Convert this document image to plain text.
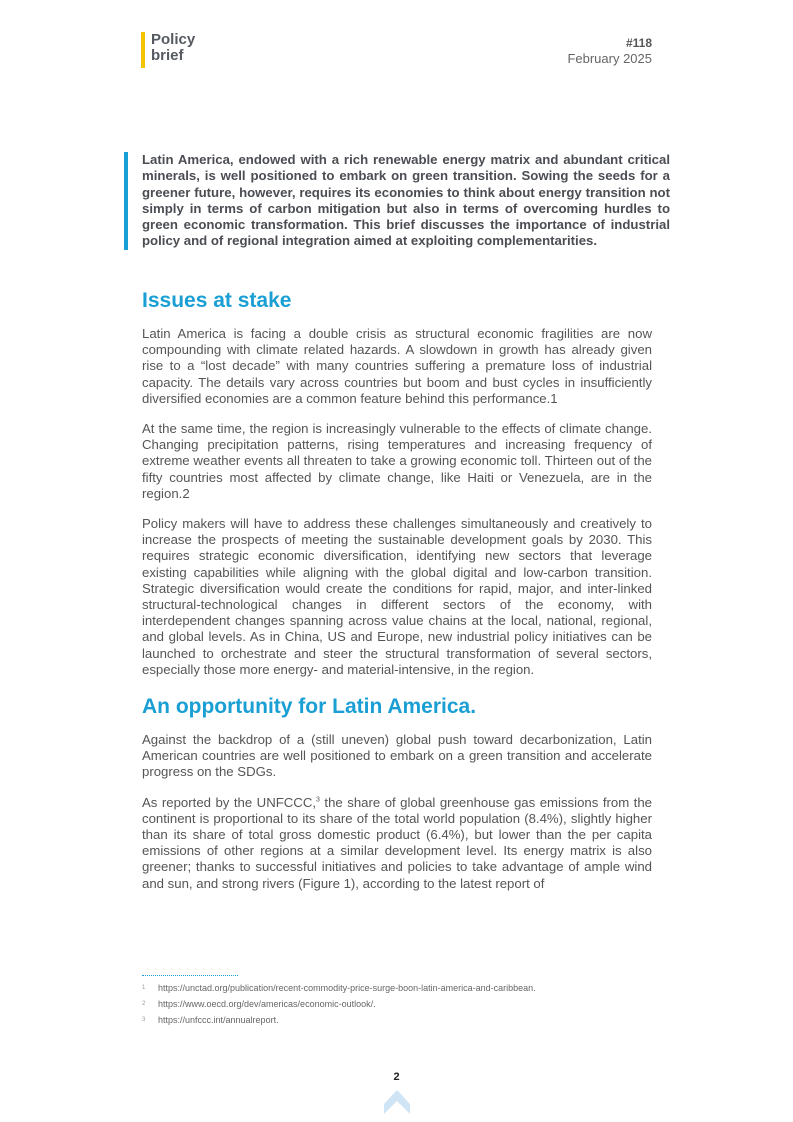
Policy
brief
#118
February 2025
Latin America, endowed with a rich renewable energy matrix and abundant critical minerals, is well positioned to embark on green transition. Sowing the seeds for a greener future, however, requires its economies to think about energy transition not simply in terms of carbon mitigation but also in terms of overcoming hurdles to green economic transformation. This brief discusses the importance of industrial policy and of regional integration aimed at exploiting complementarities.
Issues at stake

Latin America is facing a double crisis as structural economic fragilities are now compounding with climate related hazards. A slowdown in growth has already given rise to a “lost decade” with many countries suffering a premature loss of industrial capacity. The details vary across countries but boom and bust cycles in insufficiently diversified economies are a common feature behind this performance.1

At the same time, the region is increasingly vulnerable to the effects of climate change. Changing precipitation patterns, rising temperatures and increasing frequency of extreme weather events all threaten to take a growing economic toll. Thirteen out of the fifty countries most affected by climate change, like Haiti or Venezuela, are in the region.2

Policy makers will have to address these challenges simultaneously and creatively to increase the prospects of meeting the sustainable development goals by 2030. This requires strategic economic diversification, identifying new sectors that leverage existing capabilities while aligning with the global digital and low-carbon transition. Strategic diversification would create the conditions for rapid, major, and inter-linked structural-technological changes in different sectors of the economy, with interdependent changes spanning across value chains at the local, national, regional, and global levels. As in China, US and Europe, new industrial policy initiatives can be launched to orchestrate and steer the structural transformation of several sectors, especially those more energy- and material-intensive, in the region.

An opportunity for Latin America.

Against the backdrop of a (still uneven) global push toward decarbonization, Latin American countries are well positioned to embark on a green transition and accelerate progress on the SDGs.

As reported by the UNFCCC,$^3$ the share of global greenhouse gas emissions from the continent is proportional to its share of the total world population (8.4%), slightly higher than its share of total gross domestic product (6.4%), but lower than the per capita emissions of other regions at a similar development level. Its energy matrix is also greener; thanks to successful initiatives and policies to take advantage of ample wind and sun, and strong rivers (Figure 1), according to the latest report of

1	https://unctad.org/publication/recent-commodity-price-surge-boon-latin-america-and-caribbean.
2	https://www.oecd.org/dev/americas/economic-outlook/.
3	https://unfccc.int/annualreport.
2
